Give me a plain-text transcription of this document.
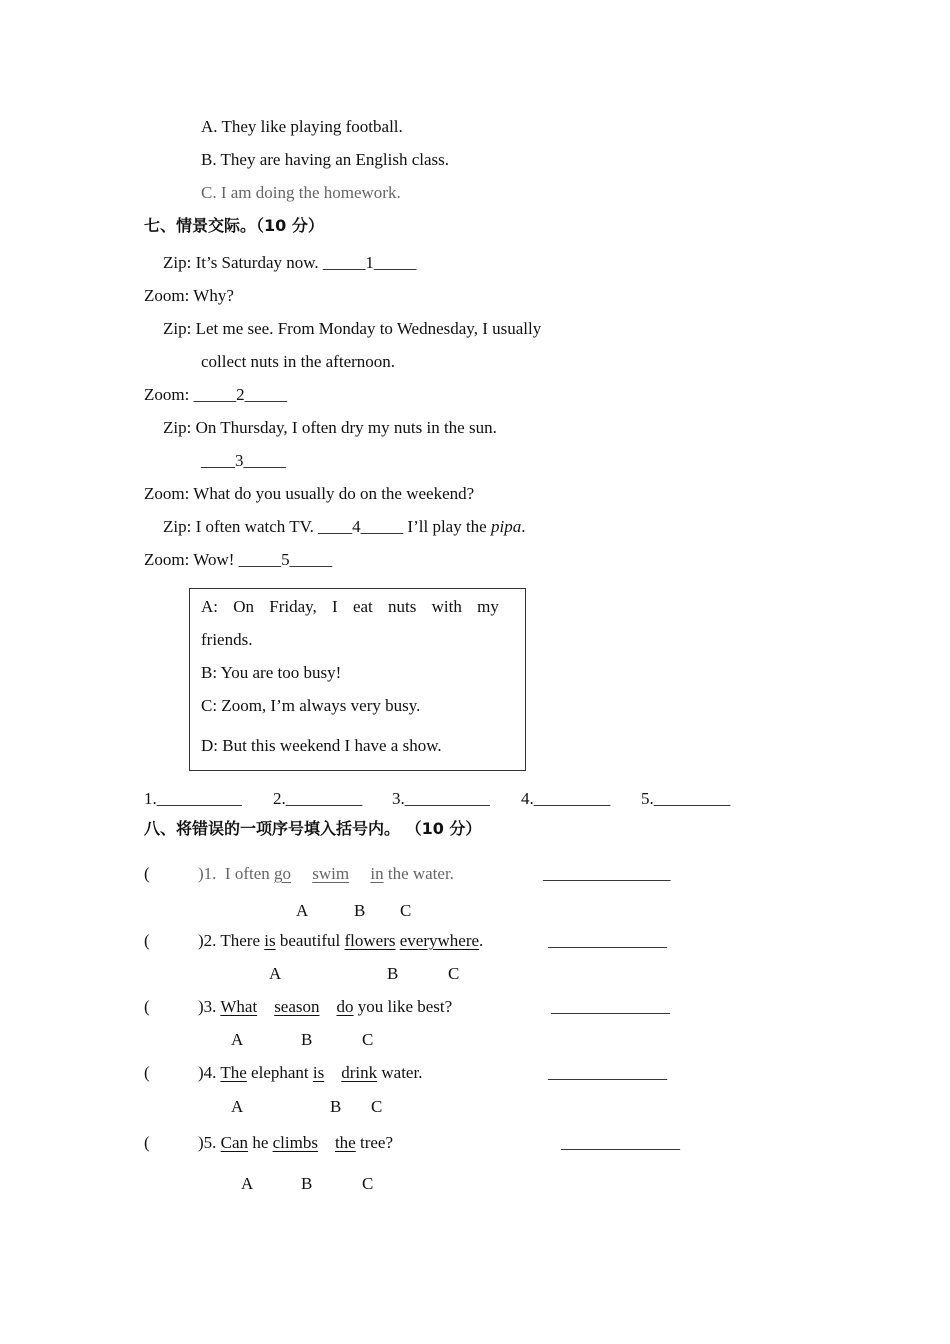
A. They like playing football.
B. They are having an English class.
C. I am doing the homework.
七、情景交际。（10 分）
Zip: It’s Saturday now. _____1_____
Zoom: Why?
Zip: Let me see. From Monday to Wednesday, I usually
collect nuts in the afternoon.
Zoom: _____2_____
Zip: On Thursday, I often dry my nuts in the sun.
____3_____
Zoom: What do you usually do on the weekend?
Zip: I often watch TV. ____4_____ I’ll play the pipa.
Zoom: Wow! _____5_____
A: On Friday, I eat nuts with my
friends.
B: You are too busy!
C: Zoom, I’m always very busy.
D: But this weekend I have a show.
1.__________ 2._________ 3.__________ 4._________ 5._________
八、将错误的一项序号填入括号内。 （10 分）
(	)1. I often go swim in the water.	_______________
A	B C
(	)2. There is beautiful flowers everywhere.	______________
A	B	C
(	)3. What season do you like best?	______________
A	B	C
(	)4. The elephant is drink water.	______________
A	B C
(	)5. Can he climbs the tree?	______________
A	B	C
